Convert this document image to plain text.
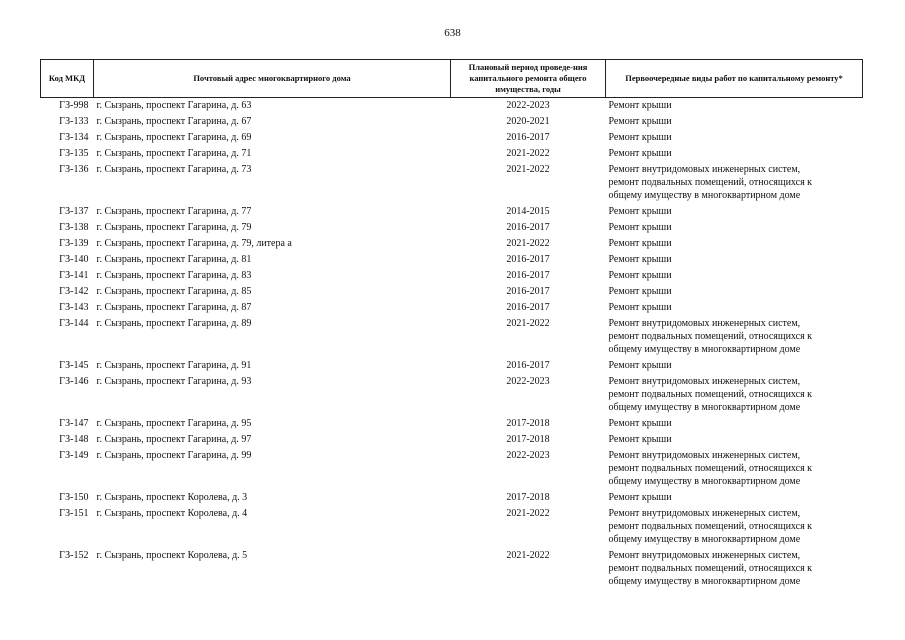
638
Код МКД	Почтовый адрес многоквартирного дома	Плановый период проведе-ния капитального ремонта общего имущества, годы	Первоочередные виды работ по капитальному ремонту*
ГЗ-998	г. Сызрань, проспект Гагарина, д. 63	2022-2023	Ремонт крыши

ГЗ-133	г. Сызрань, проспект Гагарина, д. 67	2020-2021	Ремонт крыши

ГЗ-134	г. Сызрань, проспект Гагарина, д. 69	2016-2017	Ремонт крыши

ГЗ-135	г. Сызрань, проспект Гагарина, д. 71	2021-2022	Ремонт крыши

ГЗ-136	г. Сызрань, проспект Гагарина, д. 73	2021-2022	Ремонт внутридомовых инженерных систем,
ремонт подвальных помещений, относящихся к
общему имуществу в многоквартирном доме

ГЗ-137	г. Сызрань, проспект Гагарина, д. 77	2014-2015	Ремонт крыши

ГЗ-138	г. Сызрань, проспект Гагарина, д. 79	2016-2017	Ремонт крыши

ГЗ-139	г. Сызрань, проспект Гагарина, д. 79, литера а	2021-2022	Ремонт крыши

ГЗ-140	г. Сызрань, проспект Гагарина, д. 81	2016-2017	Ремонт крыши

ГЗ-141	г. Сызрань, проспект Гагарина, д. 83	2016-2017	Ремонт крыши

ГЗ-142	г. Сызрань, проспект Гагарина, д. 85	2016-2017	Ремонт крыши

ГЗ-143	г. Сызрань, проспект Гагарина, д. 87	2016-2017	Ремонт крыши

ГЗ-144	г. Сызрань, проспект Гагарина, д. 89	2021-2022	Ремонт внутридомовых инженерных систем,
ремонт подвальных помещений, относящихся к
общему имуществу в многоквартирном доме

ГЗ-145	г. Сызрань, проспект Гагарина, д. 91	2016-2017	Ремонт крыши

ГЗ-146	г. Сызрань, проспект Гагарина, д. 93	2022-2023	Ремонт внутридомовых инженерных систем,
ремонт подвальных помещений, относящихся к
общему имуществу в многоквартирном доме

ГЗ-147	г. Сызрань, проспект Гагарина, д. 95	2017-2018	Ремонт крыши

ГЗ-148	г. Сызрань, проспект Гагарина, д. 97	2017-2018	Ремонт крыши

ГЗ-149	г. Сызрань, проспект Гагарина, д. 99	2022-2023	Ремонт внутридомовых инженерных систем,
ремонт подвальных помещений, относящихся к
общему имуществу в многоквартирном доме

ГЗ-150	г. Сызрань, проспект Королева, д. 3	2017-2018	Ремонт крыши

ГЗ-151	г. Сызрань, проспект Королева, д. 4	2021-2022	Ремонт внутридомовых инженерных систем,
ремонт подвальных помещений, относящихся к
общему имуществу в многоквартирном доме

ГЗ-152	г. Сызрань, проспект Королева, д. 5	2021-2022	Ремонт внутридомовых инженерных систем,
ремонт подвальных помещений, относящихся к
общему имуществу в многоквартирном доме
